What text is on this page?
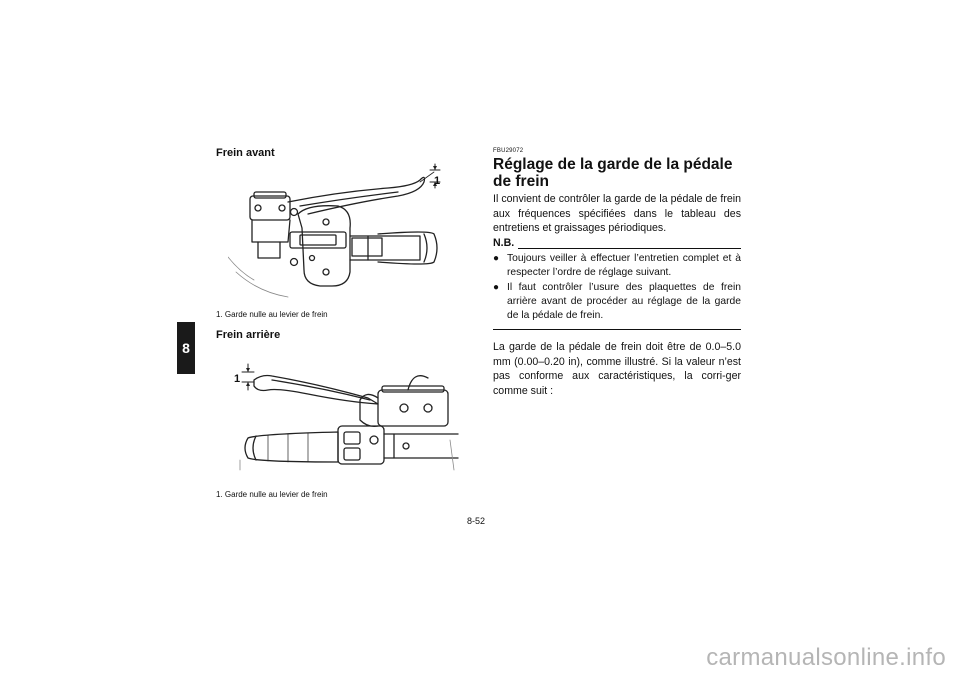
8
Frein avant
1
1. Garde nulle au levier de frein
Frein arrière
1
1. Garde nulle au levier de frein
FBU29072
Réglage de la garde de la pédale de frein
Il convient de contrôler la garde de la pédale de frein aux fréquences spécifiées dans le tableau des entretiens et graissages périodiques.
N.B.
● Toujours veiller à effectuer l’entretien complet et à respecter l’ordre de réglage suivant.
● Il faut contrôler l’usure des plaquettes de frein arrière avant de procéder au réglage de la garde de la pédale de frein.
La garde de la pédale de frein doit être de 0.0–5.0 mm (0.00–0.20 in), comme illustré. Si la valeur n’est pas conforme aux caractéristiques, la corri-ger comme suit :
8-52
carmanualsonline.info
